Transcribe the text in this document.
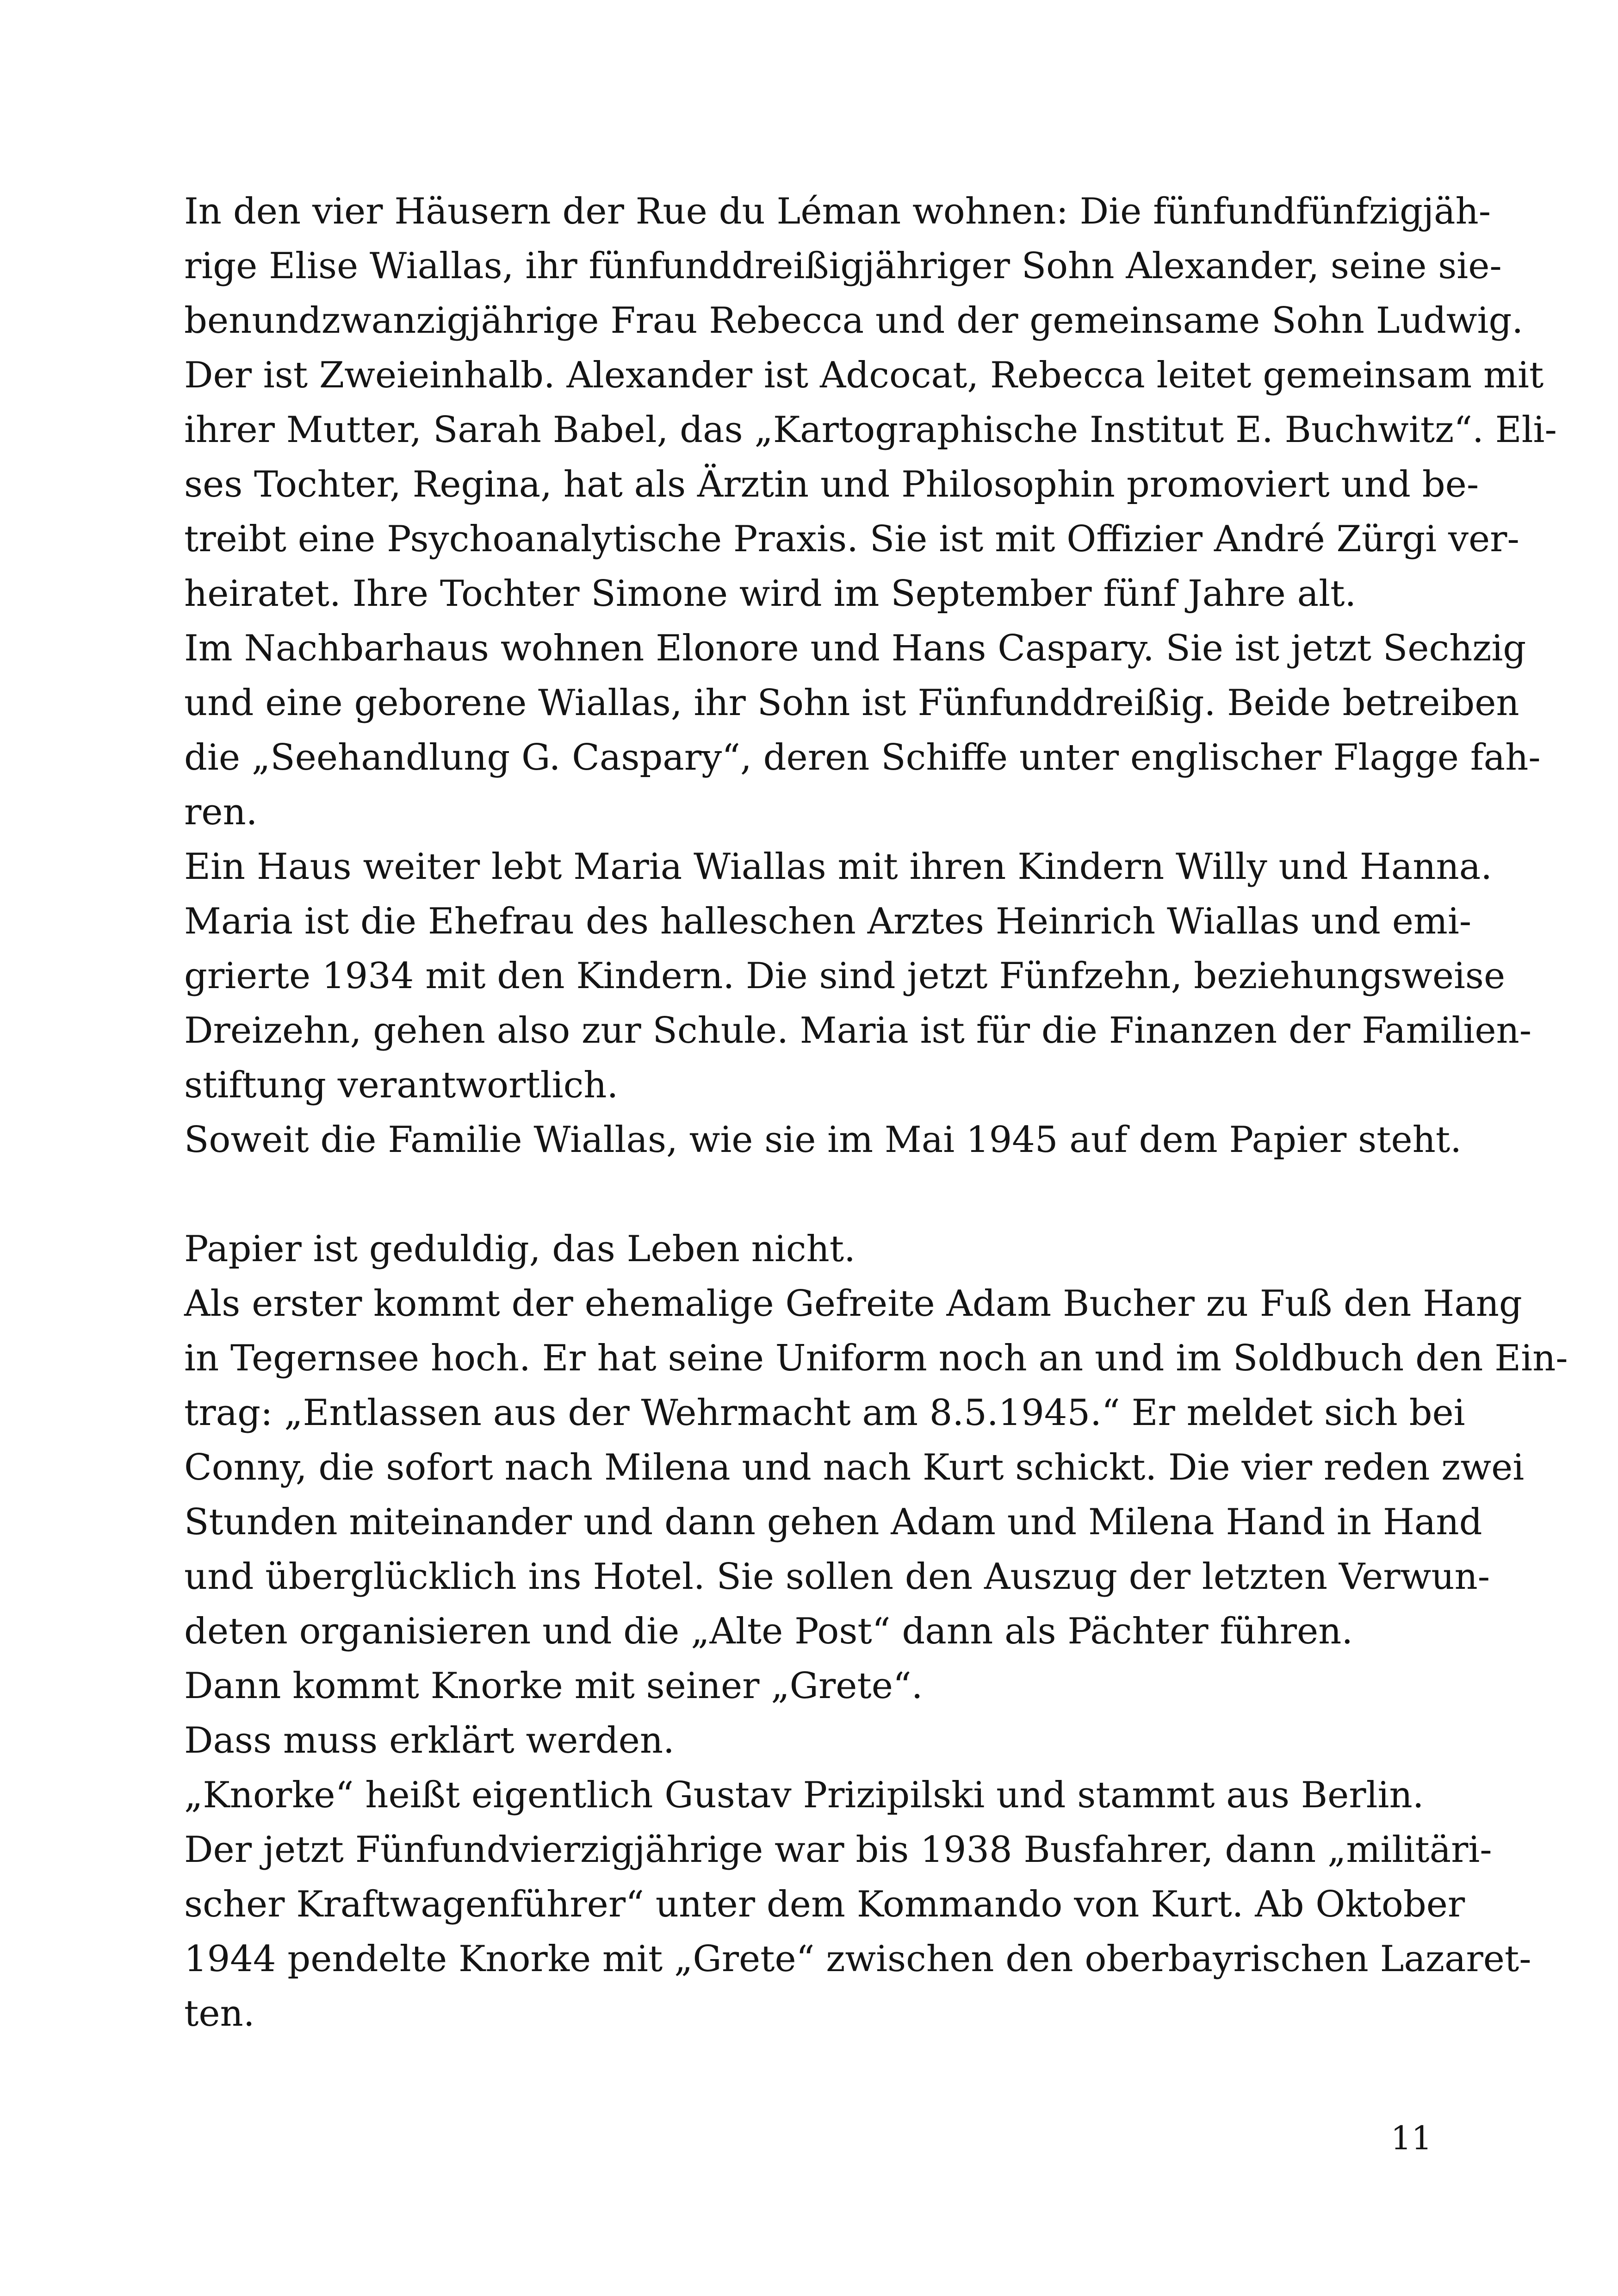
In den vier Häusern der Rue du Léman wohnen: Die fünfundfünfzigjäh-
rige Elise Wiallas, ihr fünfunddreißigjähriger Sohn Alexander, seine sie-
benundzwanzigjährige Frau Rebecca und der gemeinsame Sohn Ludwig.
Der ist Zweieinhalb. Alexander ist Adcocat, Rebecca leitet gemeinsam mit
ihrer Mutter, Sarah Babel, das „Kartographische Institut E. Buchwitz“. Eli-
ses Tochter, Regina, hat als Ärztin und Philosophin promoviert und be-
treibt eine Psychoanalytische Praxis. Sie ist mit Offizier André Zürgi ver-
heiratet. Ihre Tochter Simone wird im September fünf Jahre alt.
Im Nachbarhaus wohnen Elonore und Hans Caspary. Sie ist jetzt Sechzig
und eine geborene Wiallas, ihr Sohn ist Fünfunddreißig. Beide betreiben
die „Seehandlung G. Caspary“, deren Schiffe unter englischer Flagge fah-
ren.
Ein Haus weiter lebt Maria Wiallas mit ihren Kindern Willy und Hanna.
Maria ist die Ehefrau des halleschen Arztes Heinrich Wiallas und emi-
grierte 1934 mit den Kindern. Die sind jetzt Fünfzehn, beziehungsweise
Dreizehn, gehen also zur Schule. Maria ist für die Finanzen der Familien-
stiftung verantwortlich.
Soweit die Familie Wiallas, wie sie im Mai 1945 auf dem Papier steht.
Papier ist geduldig, das Leben nicht.
Als erster kommt der ehemalige Gefreite Adam Bucher zu Fuß den Hang
in Tegernsee hoch. Er hat seine Uniform noch an und im Soldbuch den Ein-
trag: „Entlassen aus der Wehrmacht am 8.5.1945.“ Er meldet sich bei
Conny, die sofort nach Milena und nach Kurt schickt. Die vier reden zwei
Stunden miteinander und dann gehen Adam und Milena Hand in Hand
und überglücklich ins Hotel. Sie sollen den Auszug der letzten Verwun-
deten organisieren und die „Alte Post“ dann als Pächter führen.
Dann kommt Knorke mit seiner „Grete“.
Dass muss erklärt werden.
„Knorke“ heißt eigentlich Gustav Prizipilski und stammt aus Berlin.
Der jetzt Fünfundvierzigjährige war bis 1938 Busfahrer, dann „militäri-
scher Kraftwagenführer“ unter dem Kommando von Kurt. Ab Oktober
1944 pendelte Knorke mit „Grete“ zwischen den oberbayrischen Lazaret-
ten.
11
